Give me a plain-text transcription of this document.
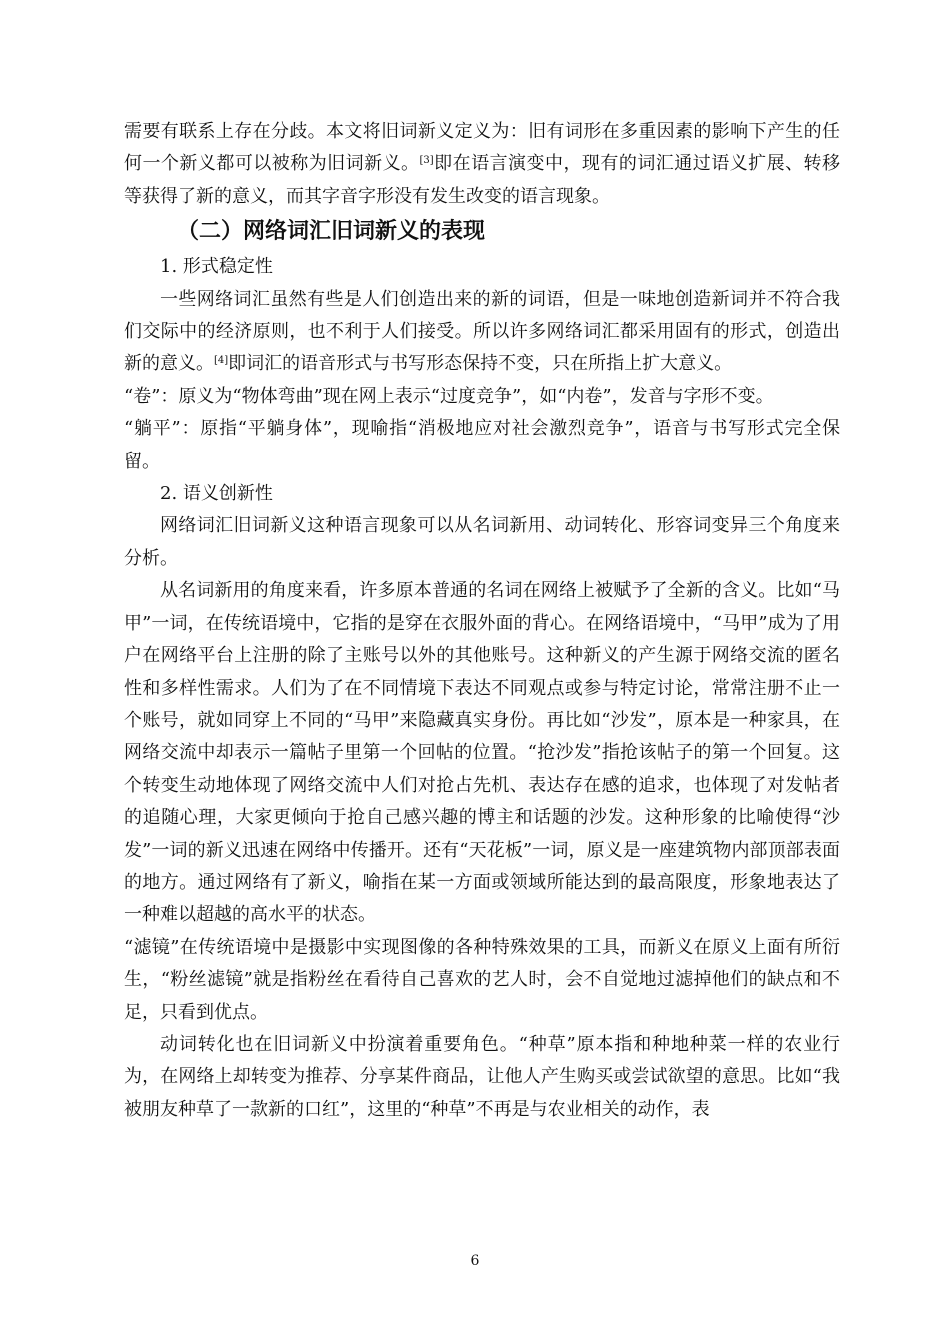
需要有联系上存在分歧。本文将旧词新义定义为：旧有词形在多重因素的影响下产生的任何一个新义都可以被称为旧词新义。[3]即在语言演变中，现有的词汇通过语义扩展、转移等获得了新的意义，而其字音字形没有发生改变的语言现象。

（二）网络词汇旧词新义的表现

1. 形式稳定性

一些网络词汇虽然有些是人们创造出来的新的词语，但是一味地创造新词并不符合我们交际中的经济原则，也不利于人们接受。所以许多网络词汇都采用固有的形式，创造出新的意义。[4]即词汇的语音形式与书写形态保持不变，只在所指上扩大意义。

“卷”：原义为“物体弯曲”现在网上表示“过度竞争”，如“内卷”，发音与字形不变。

“躺平”：原指“平躺身体”，现喻指“消极地应对社会激烈竞争”，语音与书写形式完全保留。

2. 语义创新性

网络词汇旧词新义这种语言现象可以从名词新用、动词转化、形容词变异三个角度来分析。

从名词新用的角度来看，许多原本普通的名词在网络上被赋予了全新的含义。比如“马甲”一词，在传统语境中，它指的是穿在衣服外面的背心。在网络语境中，“马甲”成为了用户在网络平台上注册的除了主账号以外的其他账号。这种新义的产生源于网络交流的匿名性和多样性需求。人们为了在不同情境下表达不同观点或参与特定讨论，常常注册不止一个账号，就如同穿上不同的“马甲”来隐藏真实身份。再比如“沙发”，原本是一种家具，在网络交流中却表示一篇帖子里第一个回帖的位置。“抢沙发”指抢该帖子的第一个回复。这个转变生动地体现了网络交流中人们对抢占先机、表达存在感的追求，也体现了对发帖者的追随心理，大家更倾向于抢自己感兴趣的博主和话题的沙发。这种形象的比喻使得“沙发”一词的新义迅速在网络中传播开。还有“天花板”一词，原义是一座建筑物内部顶部表面的地方。通过网络有了新义，喻指在某一方面或领域所能达到的最高限度，形象地表达了一种难以超越的高水平的状态。

“滤镜”在传统语境中是摄影中实现图像的各种特殊效果的工具，而新义在原义上面有所衍生，“粉丝滤镜”就是指粉丝在看待自己喜欢的艺人时，会不自觉地过滤掉他们的缺点和不足，只看到优点。

动词转化也在旧词新义中扮演着重要角色。“种草”原本指和种地种菜一样的农业行为，在网络上却转变为推荐、分享某件商品，让他人产生购买或尝试欲望的意思。比如“我被朋友种草了一款新的口红”，这里的“种草”不再是与农业相关的动作，表

6
